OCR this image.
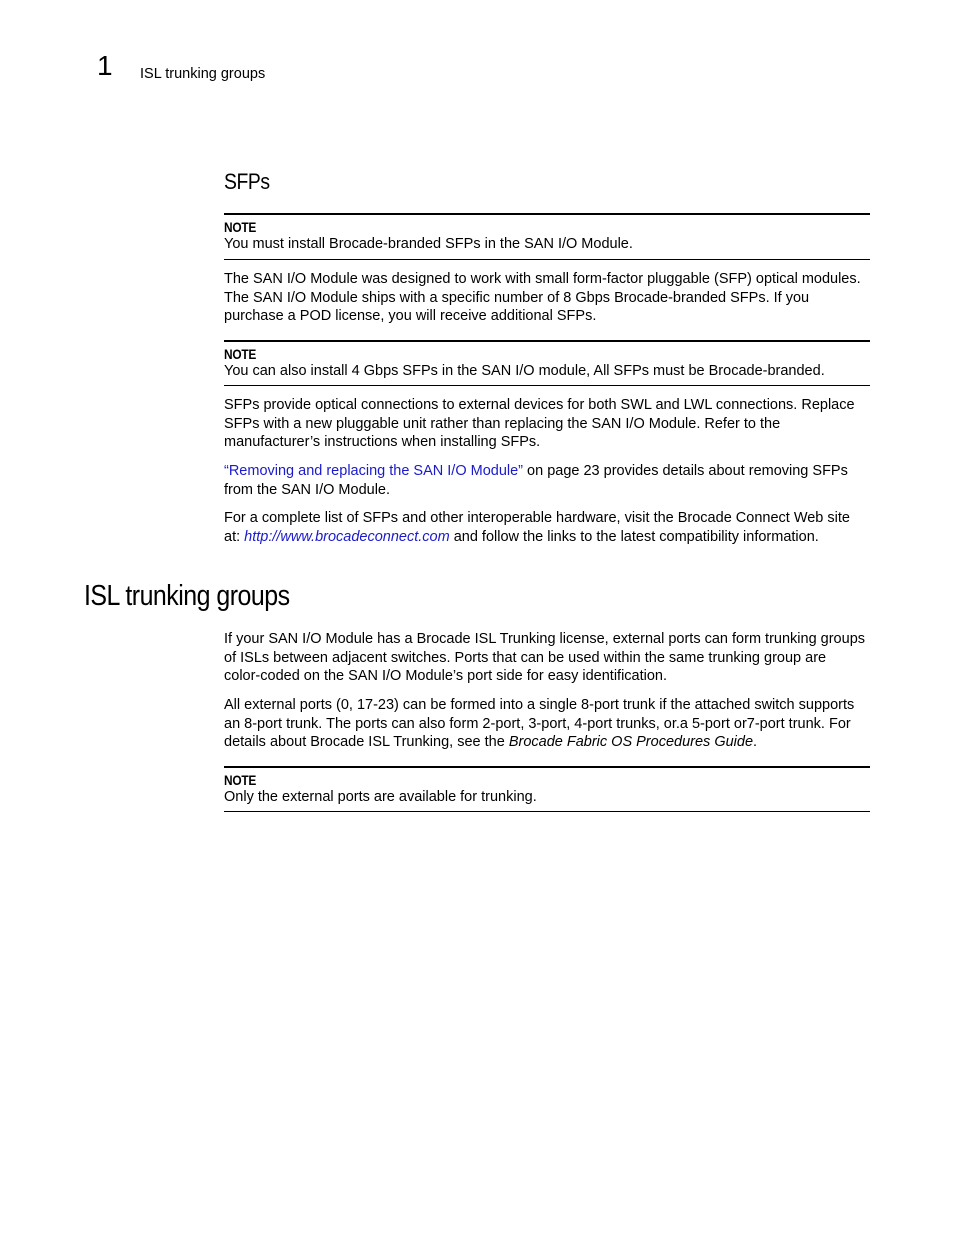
1 ISL trunking groups
SFPs
NOTE
You must install Brocade-branded SFPs in the SAN I/O Module.
The SAN I/O Module was designed to work with small form-factor pluggable (SFP) optical modules.
The SAN I/O Module ships with a specific number of 8 Gbps Brocade-branded SFPs. If you
purchase a POD license, you will receive additional SFPs.
NOTE
You can also install 4 Gbps SFPs in the SAN I/O module, All SFPs must be Brocade-branded.
SFPs provide optical connections to external devices for both SWL and LWL connections. Replace
SFPs with a new pluggable unit rather than replacing the SAN I/O Module. Refer to the
manufacturer’s instructions when installing SFPs.
“Removing and replacing the SAN I/O Module” on page 23 provides details about removing SFPs
from the SAN I/O Module.
For a complete list of SFPs and other interoperable hardware, visit the Brocade Connect Web site
at: http://www.brocadeconnect.com and follow the links to the latest compatibility information.
ISL trunking groups
If your SAN I/O Module has a Brocade ISL Trunking license, external ports can form trunking groups
of ISLs between adjacent switches. Ports that can be used within the same trunking group are
color-coded on the SAN I/O Module’s port side for easy identification.
All external ports (0, 17-23) can be formed into a single 8-port trunk if the attached switch supports
an 8-port trunk. The ports can also form 2-port, 3-port, 4-port trunks, or.a 5-port or7-port trunk. For
details about Brocade ISL Trunking, see the Brocade Fabric OS Procedures Guide.
NOTE
Only the external ports are available for trunking.
